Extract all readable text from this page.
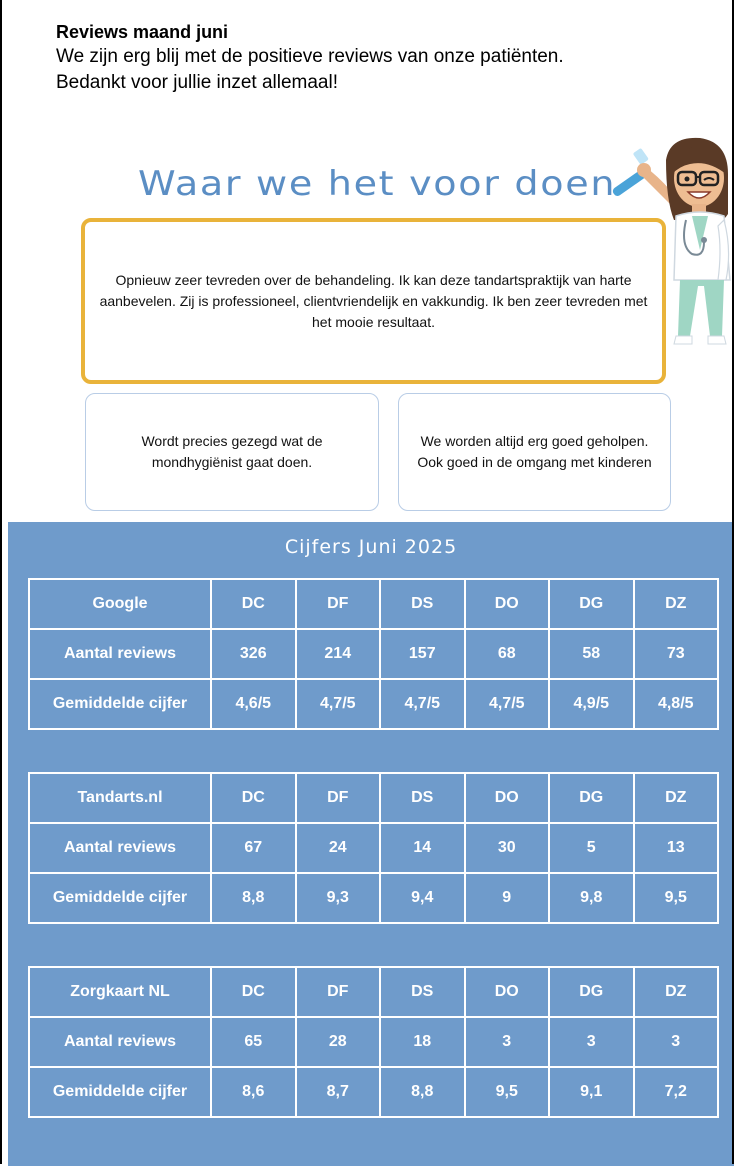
Reviews maand juni
We zijn erg blij met de positieve reviews van onze patiënten.
Bedankt voor jullie inzet allemaal!
Waar we het voor doen
Opnieuw zeer tevreden over de behandeling. Ik kan deze tandartspraktijk van harte aanbevelen. Zij is professioneel, clientvriendelijk en vakkundig. Ik ben zeer tevreden met het mooie resultaat.
Wordt precies gezegd wat de mondhygiënist gaat doen.
We worden altijd erg goed geholpen. Ook goed in de omgang met kinderen
Cijfers Juni 2025
Google	DC	DF	DS	DO	DG	DZ
Aantal reviews	326	214	157	68	58	73
Gemiddelde cijfer	4,6/5	4,7/5	4,7/5	4,7/5	4,9/5	4,8/5
Tandarts.nl	DC	DF	DS	DO	DG	DZ
Aantal reviews	67	24	14	30	5	13
Gemiddelde cijfer	8,8	9,3	9,4	9	9,8	9,5
Zorgkaart NL	DC	DF	DS	DO	DG	DZ
Aantal reviews	65	28	18	3	3	3
Gemiddelde cijfer	8,6	8,7	8,8	9,5	9,1	7,2
